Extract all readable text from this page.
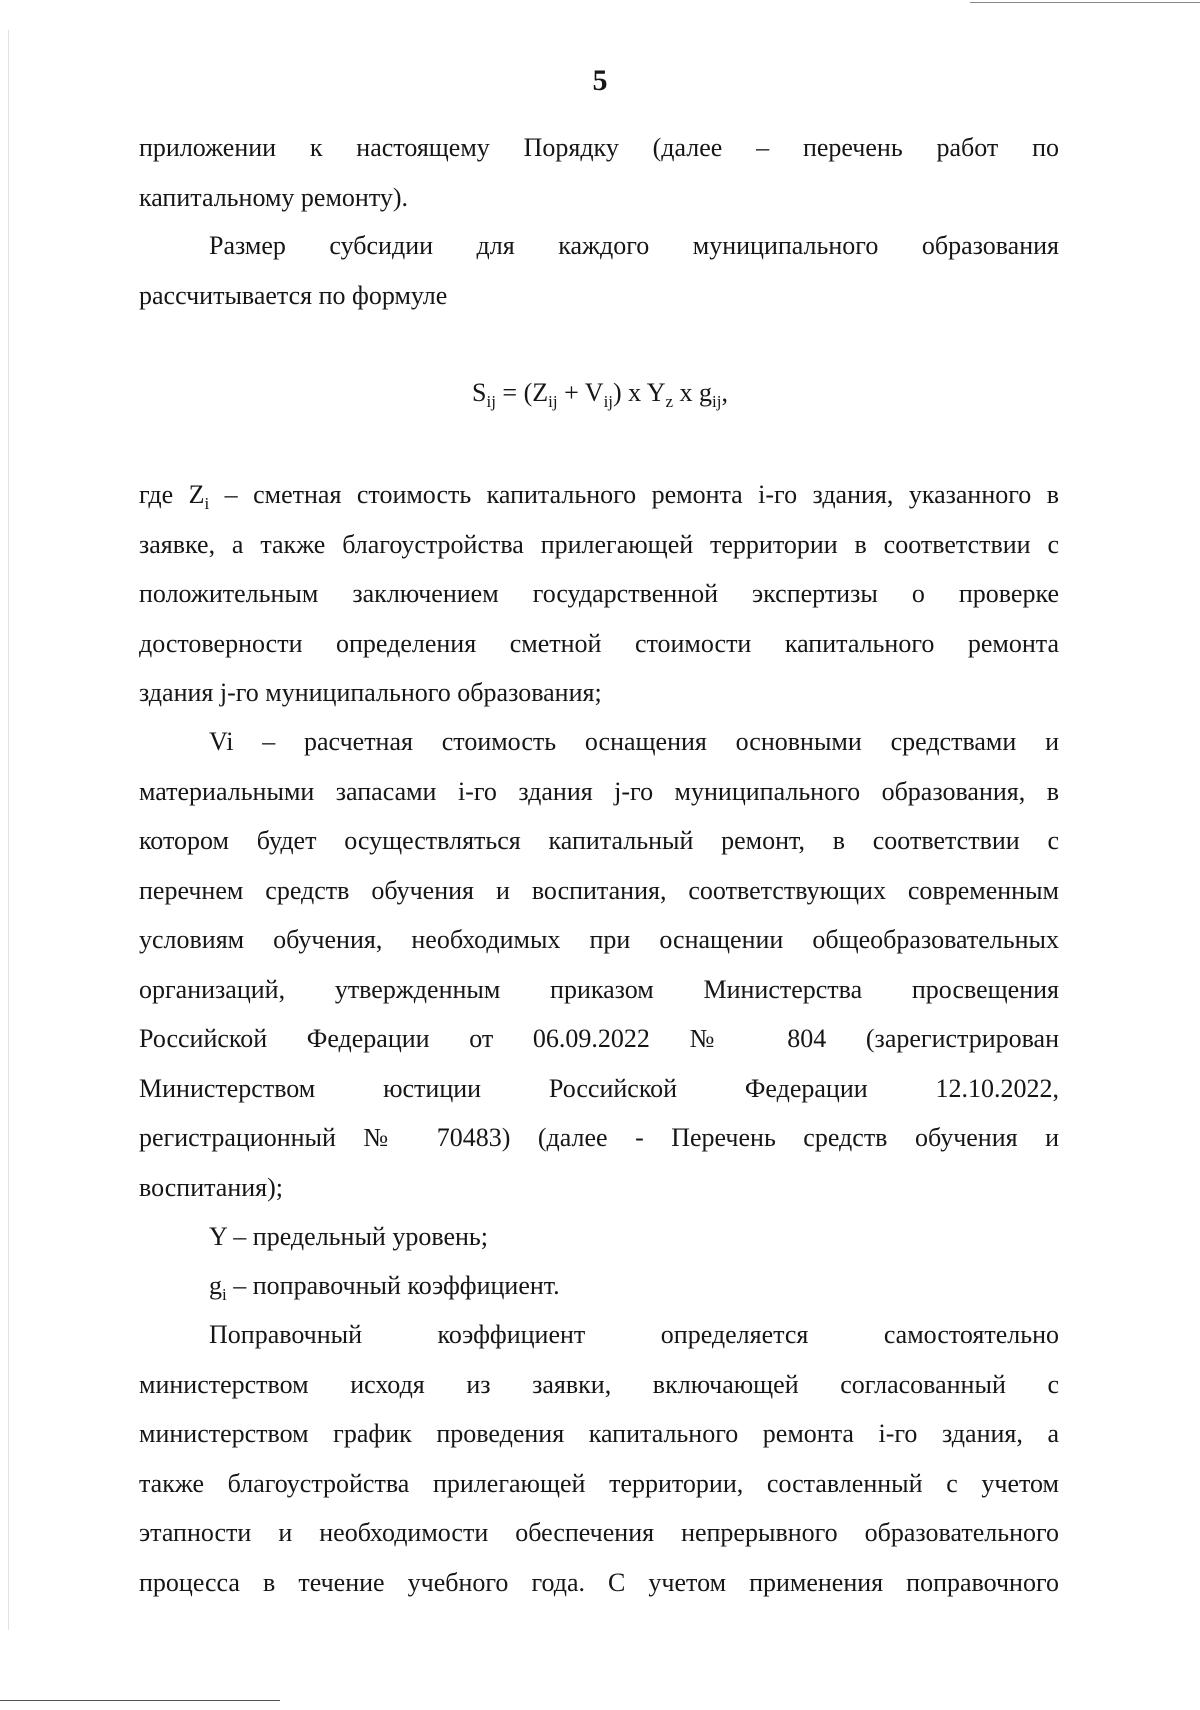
5
приложении к настоящему Порядку (далее – перечень работ по
капитальному ремонту).
Размер субсидии для каждого муниципального образования
рассчитывается по формуле
$S_{ij} = (Z_{ij} + V_{ij})$ x $Y_z$ x $g_{ij}$,
где $Z_i$ – сметная стоимость капитального ремонта i-го здания, указанного в
заявке, а также благоустройства прилегающей территории в соответствии с
положительным заключением государственной экспертизы о проверке
достоверности определения сметной стоимости капитального ремонта
здания j-го муниципального образования;
Vi – расчетная стоимость оснащения основными средствами и
материальными запасами i-го здания j-го муниципального образования, в
котором будет осуществляться капитальный ремонт, в соответствии с
перечнем средств обучения и воспитания, соответствующих современным
условиям обучения, необходимых при оснащении общеобразовательных
организаций, утвержденным приказом Министерства просвещения
Российской Федерации от 06.09.2022 № 804 (зарегистрирован
Министерством юстиции Российской Федерации 12.10.2022,
регистрационный № 70483) (далее - Перечень средств обучения и
воспитания);
Y – предельный уровень;
$g_i$ – поправочный коэффициент.
Поправочный коэффициент определяется самостоятельно
министерством исходя из заявки, включающей согласованный с
министерством график проведения капитального ремонта i-го здания, а
также благоустройства прилегающей территории, составленный с учетом
этапности и необходимости обеспечения непрерывного образовательного
процесса в течение учебного года. С учетом применения поправочного
